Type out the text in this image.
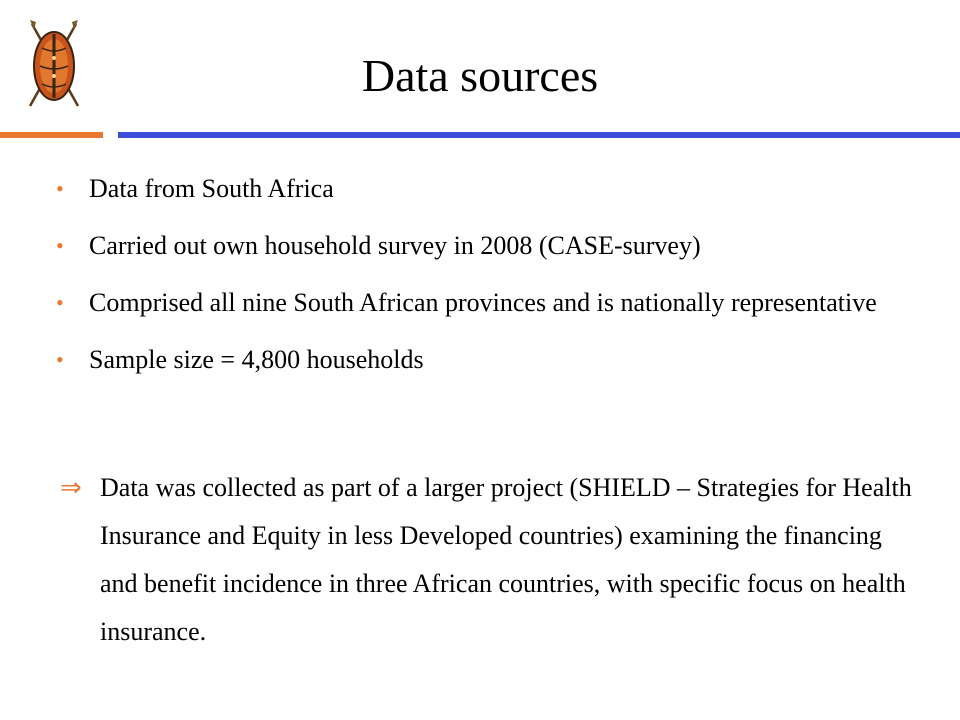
Data sources
• Data from South Africa
• Carried out own household survey in 2008 (CASE-survey)
• Comprised all nine South African provinces and is nationally representative
• Sample size = 4,800 households
⇒ Data was collected as part of a larger project (SHIELD – Strategies for Health Insurance and Equity in less Developed countries) examining the financing and benefit incidence in three African countries, with specific focus on health insurance.
